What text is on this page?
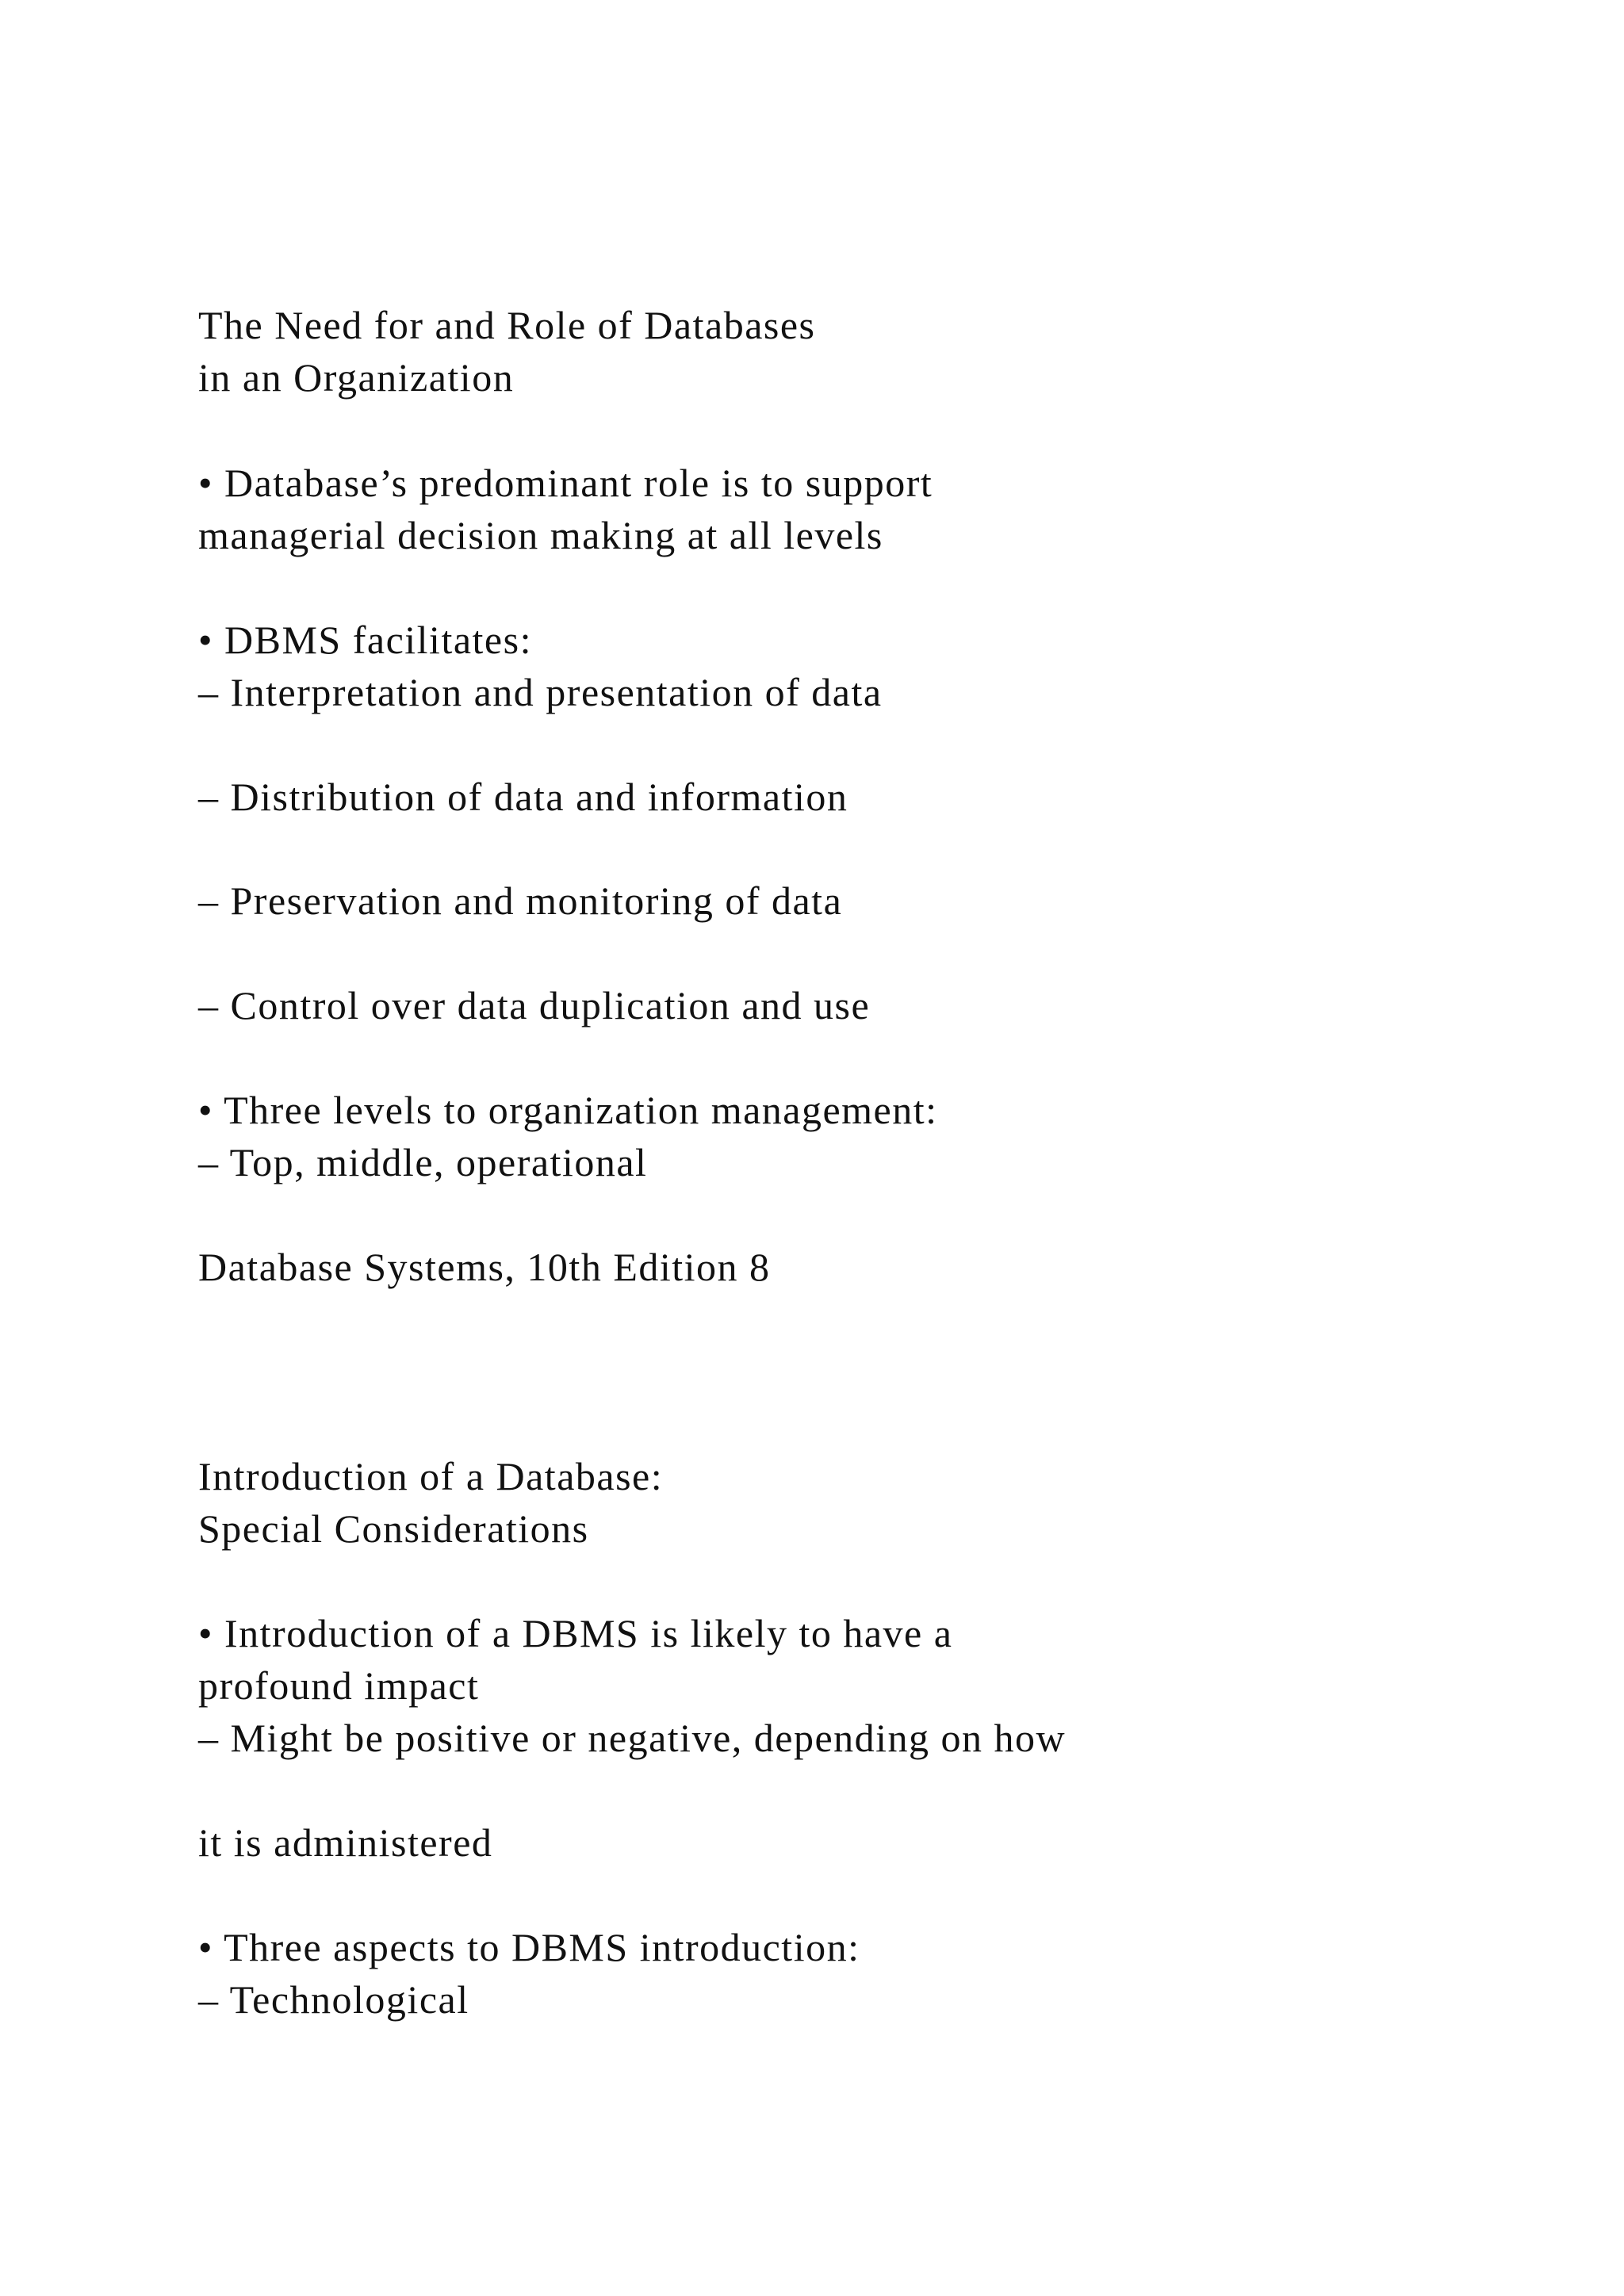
The Need for and Role of Databases

in an Organization

• Database’s predominant role is to support

managerial decision making at all levels

• DBMS facilitates:

– Interpretation and presentation of data

– Distribution of data and information

– Preservation and monitoring of data

– Control over data duplication and use

• Three levels to organization management:

– Top, middle, operational

Database Systems, 10th Edition 8

Introduction of a Database:

Special Considerations

• Introduction of a DBMS is likely to have a

profound impact

– Might be positive or negative, depending on how

it is administered

• Three aspects to DBMS introduction:

– Technological
